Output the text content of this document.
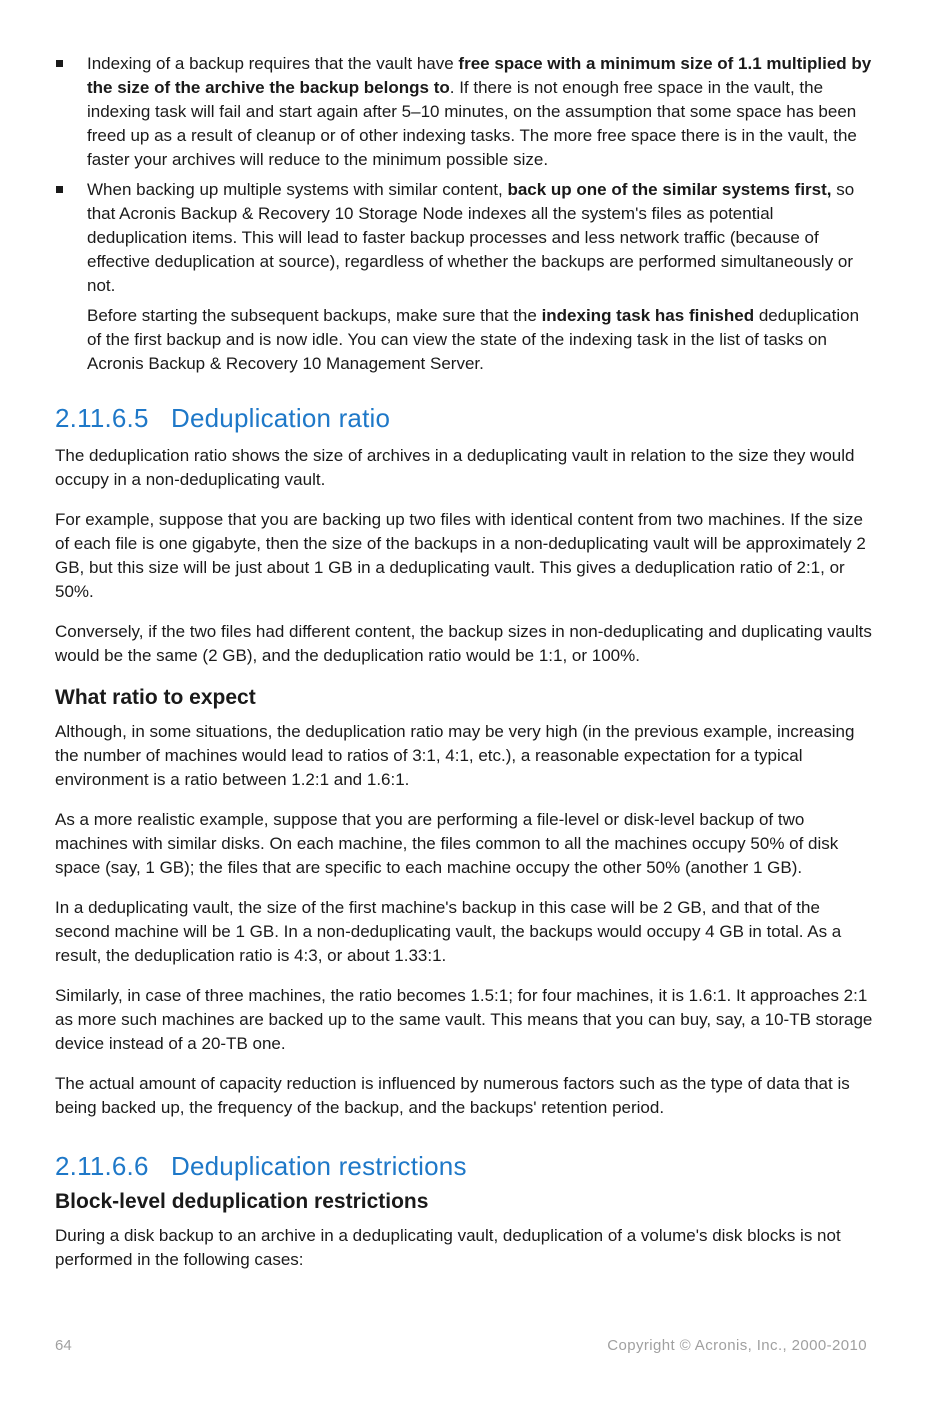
Indexing of a backup requires that the vault have free space with a minimum size of 1.1 multiplied by the size of the archive the backup belongs to. If there is not enough free space in the vault, the indexing task will fail and start again after 5–10 minutes, on the assumption that some space has been freed up as a result of cleanup or of other indexing tasks. The more free space there is in the vault, the faster your archives will reduce to the minimum possible size.
When backing up multiple systems with similar content, back up one of the similar systems first, so that Acronis Backup & Recovery 10 Storage Node indexes all the system's files as potential deduplication items. This will lead to faster backup processes and less network traffic (because of effective deduplication at source), regardless of whether the backups are performed simultaneously or not.
Before starting the subsequent backups, make sure that the indexing task has finished deduplication of the first backup and is now idle. You can view the state of the indexing task in the list of tasks on Acronis Backup & Recovery 10 Management Server.
2.11.6.5 Deduplication ratio

The deduplication ratio shows the size of archives in a deduplicating vault in relation to the size they would occupy in a non-deduplicating vault.

For example, suppose that you are backing up two files with identical content from two machines. If the size of each file is one gigabyte, then the size of the backups in a non-deduplicating vault will be approximately 2 GB, but this size will be just about 1 GB in a deduplicating vault. This gives a deduplication ratio of 2:1, or 50%.

Conversely, if the two files had different content, the backup sizes in non-deduplicating and duplicating vaults would be the same (2 GB), and the deduplication ratio would be 1:1, or 100%.

What ratio to expect

Although, in some situations, the deduplication ratio may be very high (in the previous example, increasing the number of machines would lead to ratios of 3:1, 4:1, etc.), a reasonable expectation for a typical environment is a ratio between 1.2:1 and 1.6:1.

As a more realistic example, suppose that you are performing a file-level or disk-level backup of two machines with similar disks. On each machine, the files common to all the machines occupy 50% of disk space (say, 1 GB); the files that are specific to each machine occupy the other 50% (another 1 GB).

In a deduplicating vault, the size of the first machine's backup in this case will be 2 GB, and that of the second machine will be 1 GB. In a non-deduplicating vault, the backups would occupy 4 GB in total. As a result, the deduplication ratio is 4:3, or about 1.33:1.

Similarly, in case of three machines, the ratio becomes 1.5:1; for four machines, it is 1.6:1. It approaches 2:1 as more such machines are backed up to the same vault. This means that you can buy, say, a 10-TB storage device instead of a 20-TB one.

The actual amount of capacity reduction is influenced by numerous factors such as the type of data that is being backed up, the frequency of the backup, and the backups' retention period.

2.11.6.6 Deduplication restrictions
Block-level deduplication restrictions

During a disk backup to an archive in a deduplicating vault, deduplication of a volume's disk blocks is not performed in the following cases:

64	Copyright © Acronis, Inc., 2000-2010
